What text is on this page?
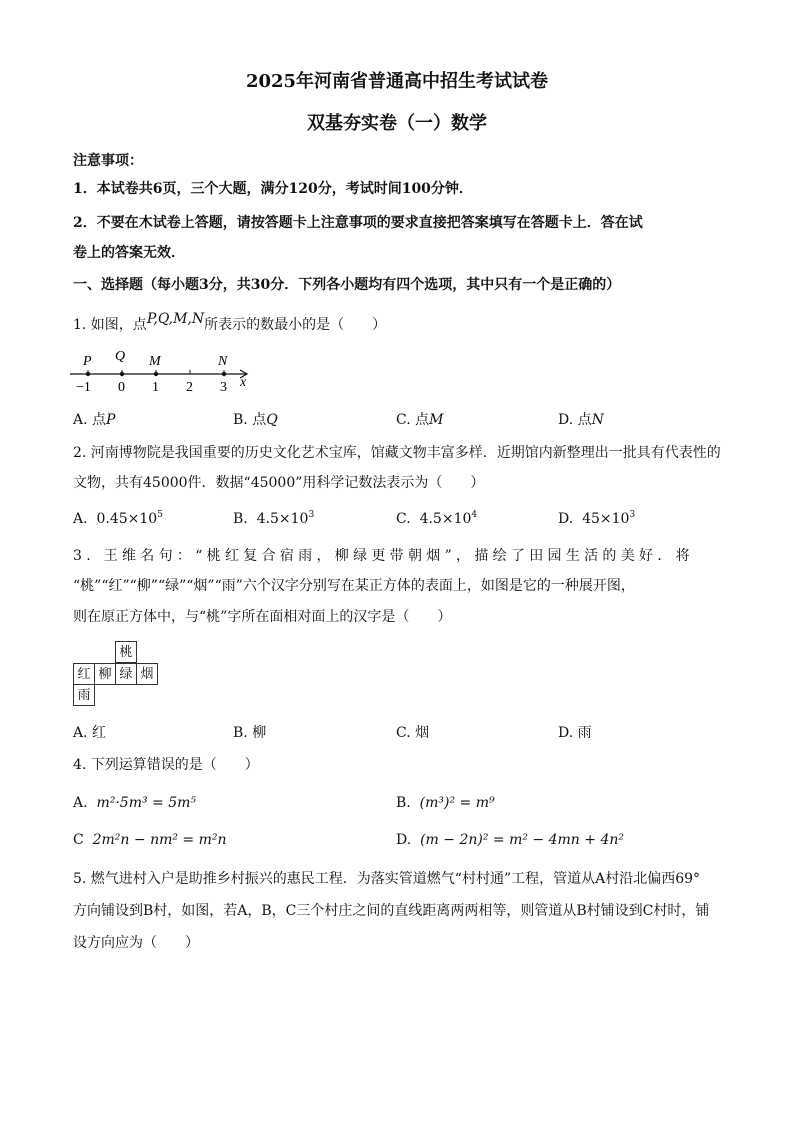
2025年河南省普通高中招生考试试卷
双基夯实卷（一）数学
注意事项：
1．本试卷共6页，三个大题，满分120分，考试时间100分钟．
2．不要在木试卷上答题，请按答题卡上注意事项的要求直接把答案填写在答题卡上．答在试
卷上的答案无效．
一、选择题（每小题3分，共30分．下列各小题均有四个选项，其中只有一个是正确的）
1. 如图，点P,Q,M,N所表示的数最小的是（　　）
P Q M	N
−1 0 1 2 3 x
A. 点P	B. 点Q	C. 点M	D. 点N
2. 河南博物院是我国重要的历史文化艺术宝库，馆藏文物丰富多样．近期馆内新整理出一批具有代表性的
文物，共有45000件．数据“45000”用科学记数法表示为（　　）
A. $0.45\times 10^5$	B. $4.5\times 10^3$	C. $4.5\times 10^4$	D. $45\times 10^3$
3. 王维名句：“桃红复合宿雨，柳绿更带朝烟”，描绘了田园生活的美好．将
“桃”“红”“柳”“绿”“烟”“雨”六个汉字分别写在某正方体的表面上，如图是它的一种展开图，
则在原正方体中，与“桃”字所在面相对面上的汉字是（　　）
桃
红 柳 绿 烟
雨
A. 红	B. 柳	C. 烟	D. 雨
4. 下列运算错误的是（　　）
A. m²·5m³ = 5m⁵	B. (m³)² = m⁹
C 2m²n − nm² = m²n	D. (m − 2n)² = m² − 4mn + 4n²
5. 燃气进村入户是助推乡村振兴的惠民工程．为落实管道燃气“村村通”工程，管道从A村沿北偏西69°
方向铺设到B村，如图，若A，B，C三个村庄之间的直线距离两两相等，则管道从B村铺设到C村时，铺
设方向应为（　　）
